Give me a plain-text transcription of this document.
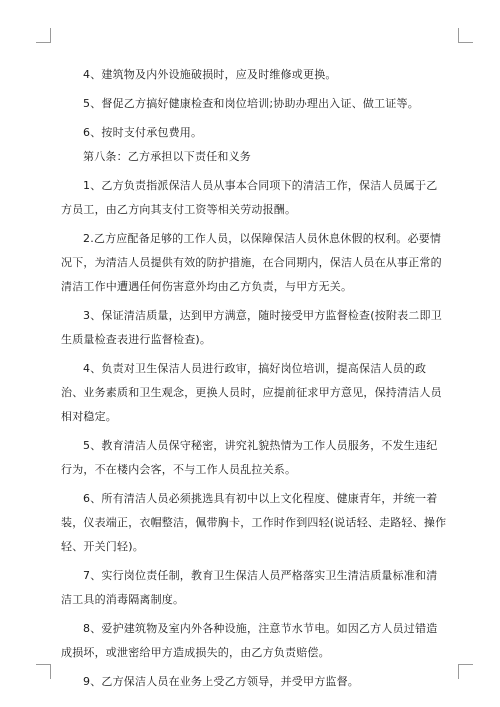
4、建筑物及内外设施破损时，应及时维修或更换。

5、督促乙方搞好健康检查和岗位培训;协助办理出入证、做工证等。

6、按时支付承包费用。

第八条：乙方承担以下责任和义务

1、乙方负责指派保洁人员从事本合同项下的清洁工作，保洁人员属于乙方员工，由乙方向其支付工资等相关劳动报酬。

2.乙方应配备足够的工作人员，以保障保洁人员休息休假的权利。必要情况下，为清洁人员提供有效的防护措施，在合同期内，保洁人员在从事正常的清洁工作中遭遇任何伤害意外均由乙方负责，与甲方无关。

3、保证清洁质量，达到甲方满意，随时接受甲方监督检查(按附表二即卫生质量检查表进行监督检查)。

4、负责对卫生保洁人员进行政审，搞好岗位培训，提高保洁人员的政治、业务素质和卫生观念，更换人员时，应提前征求甲方意见，保持清洁人员相对稳定。

5、教育清洁人员保守秘密，讲究礼貌热情为工作人员服务，不发生违纪行为，不在楼内会客，不与工作人员乱拉关系。

6、所有清洁人员必须挑选具有初中以上文化程度、健康青年，并统一着装，仪表端正，衣帽整洁，佩带胸卡，工作时作到四轻(说话轻、走路轻、操作轻、开关门轻)。

7、实行岗位责任制，教育卫生保洁人员严格落实卫生清洁质量标准和清洁工具的消毒隔离制度。

8、爱护建筑物及室内外各种设施，注意节水节电。如因乙方人员过错造成损坏，或泄密给甲方造成损失的，由乙方负责赔偿。

9、乙方保洁人员在业务上受乙方领导，并受甲方监督。
